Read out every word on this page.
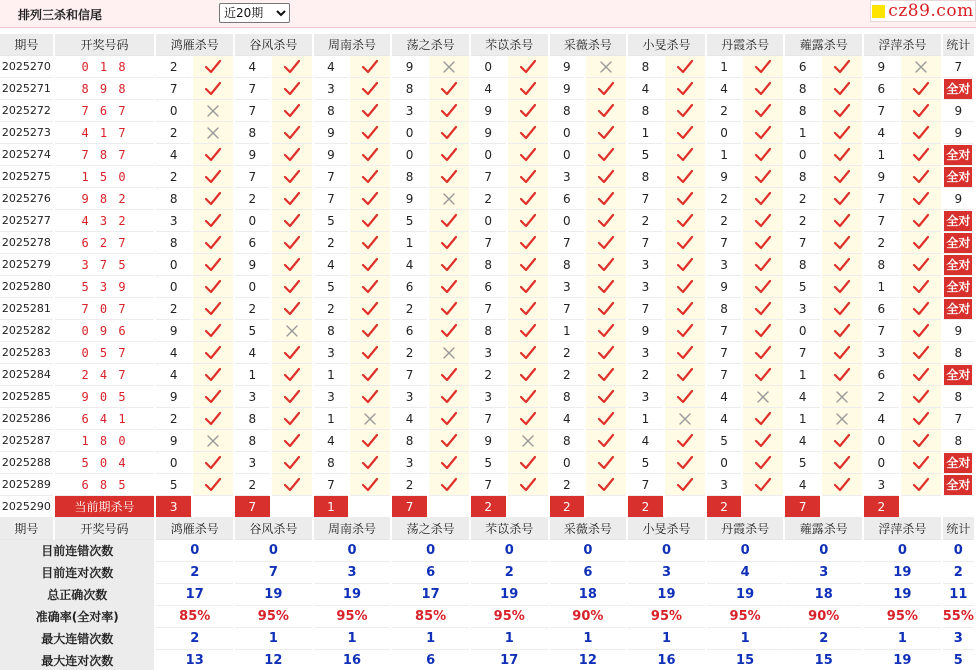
排列三杀和信尾
近20期	cz89.com
期号	开奖号码	鸿雁杀号		谷风杀号		周南杀号		荡之杀号		芣苡杀号		采薇杀号		小旻杀号		丹霞杀号		蕹露杀号		浮萍杀号		统计
2025270	0 1 8	2		4		4		9		0		9		8		1		6		9		7
2025271	8 9 8	7		7		3		8		4		9		4		4		8		6		全对
2025272	7 6 7	0		7		8		3		9		8		8		2		8		7		9
2025273	4 1 7	2		8		9		0		9		0		1		0		1		4		9
2025274	7 8 7	4		9		9		0		0		0		5		1		0		1		全对
2025275	1 5 0	2		7		7		8		7		3		8		9		8		9		全对
2025276	9 8 2	8		2		7		9		2		6		7		2		2		7		9
2025277	4 3 2	3		0		5		5		0		0		2		2		2		7		全对
2025278	6 2 7	8		6		2		1		7		7		7		7		7		2		全对
2025279	3 7 5	0		9		4		4		8		8		3		3		8		8		全对
2025280	5 3 9	0		0		5		6		6		3		3		9		5		1		全对
2025281	7 0 7	2		2		2		2		7		7		7		8		3		6		全对
2025282	0 9 6	9		5		8		6		8		1		9		7		0		7		9
2025283	0 5 7	4		4		3		2		3		2		3		7		7		3		8
2025284	2 4 7	4		1		1		7		2		2		2		7		1		6		全对
2025285	9 0 5	9		3		3		3		3		8		3		4		4		2		8
2025286	6 4 1	2		8		1		4		7		4		1		4		1		4		7
2025287	1 8 0	9		8		4		8		9		8		4		5		4		0		8
2025288	5 0 4	0		3		8		3		5		0		5		0		5		0		全对
2025289	6 8 5	5		2		7		2		7		2		7		3		4		3		全对
2025290	当前期杀号	3		7		1		7		2		2		2		2		7		2		
期号	开奖号码	鸿雁杀号		谷风杀号		周南杀号		荡之杀号		芣苡杀号		采薇杀号		小旻杀号		丹霞杀号		蕹露杀号		浮萍杀号		统计
目前连错次数		0		0		0		0		0		0		0		0		0		0		0
目前连对次数		2		7		3		6		2		6		3		4		3		19		2
总正确次数		17		19		19		17		19		18		19		19		18		19		11
准确率(全对率)		85%		95%		95%		85%		95%		90%		95%		95%		90%		95%		55%
最大连错次数		2		1		1		1		1		1		1		1		2		1		3
最大连对次数		13		12		16		6		17		12		16		15		15		19		5
